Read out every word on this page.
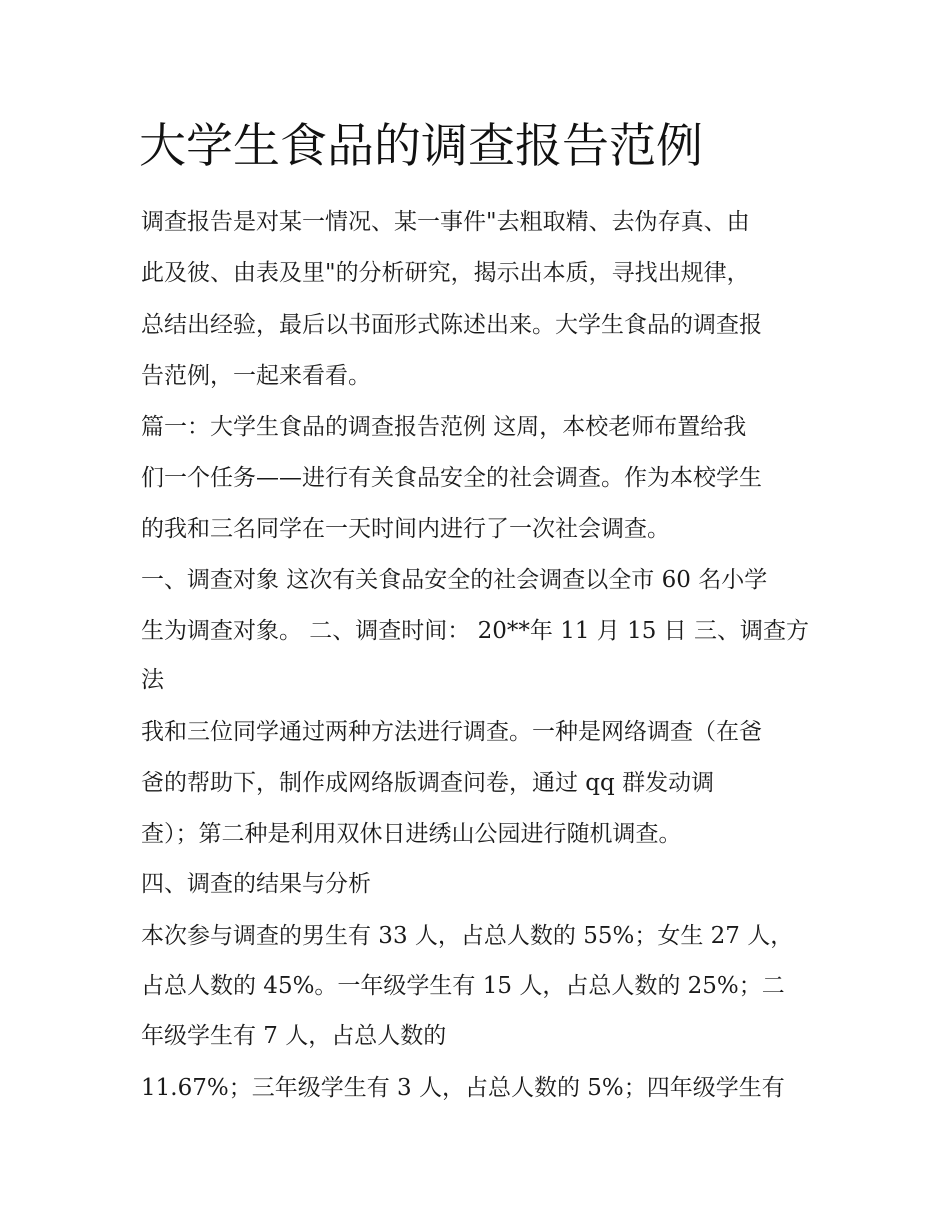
大学生食品的调查报告范例

调查报告是对某一情况、某一事件"去粗取精、去伪存真、由

此及彼、由表及里"的分析研究，揭示出本质，寻找出规律，

总结出经验，最后以书面形式陈述出来。大学生食品的调查报

告范例，一起来看看。

篇一：大学生食品的调查报告范例 这周，本校老师布置给我

们一个任务——进行有关食品安全的社会调查。作为本校学生

的我和三名同学在一天时间内进行了一次社会调查。

一、调查对象 这次有关食品安全的社会调查以全市 60 名小学

生为调查对象。 二、调查时间： 20**年 11 月 15 日 三、调查方

法

我和三位同学通过两种方法进行调查。一种是网络调查（在爸

爸的帮助下，制作成网络版调查问卷，通过 qq 群发动调

查）；第二种是利用双休日进绣山公园进行随机调查。

四、调查的结果与分析

本次参与调查的男生有 33 人，占总人数的 55%；女生 27 人，

占总人数的 45%。一年级学生有 15 人，占总人数的 25%；二

年级学生有 7 人，占总人数的

11.67%；三年级学生有 3 人，占总人数的 5%；四年级学生有
